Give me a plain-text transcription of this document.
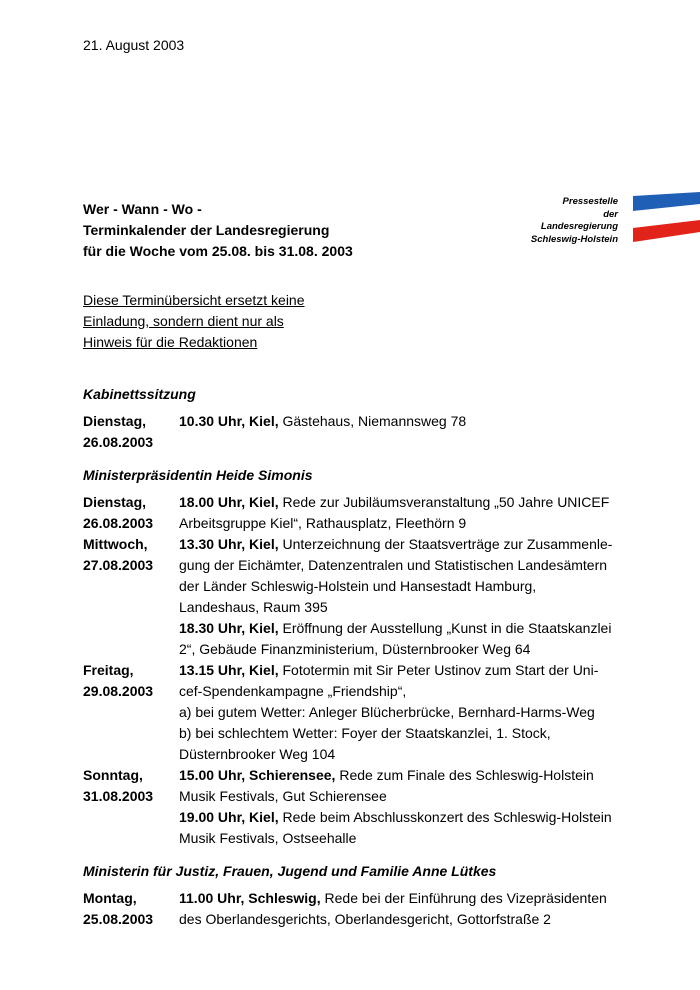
21. August 2003
Wer - Wann - Wo -
Terminkalender der Landesregierung
für die Woche vom 25.08. bis 31.08. 2003
Pressestelle
der
Landesregierung
Schleswig-Holstein
Diese Terminübersicht ersetzt keine
Einladung, sondern dient nur als
Hinweis für die Redaktionen
Kabinettssitzung
Dienstag,	10.30 Uhr, Kiel, Gästehaus, Niemannsweg 78
26.08.2003
Ministerpräsidentin Heide Simonis
Dienstag,	18.00 Uhr, Kiel, Rede zur Jubiläumsveranstaltung „50 Jahre UNICEF
26.08.2003	Arbeitsgruppe Kiel“, Rathausplatz, Fleethörn 9
Mittwoch,	13.30 Uhr, Kiel, Unterzeichnung der Staatsverträge zur Zusammenle-
27.08.2003	gung der Eichämter, Datenzentralen und Statistischen Landesämtern
der Länder Schleswig-Holstein und Hansestadt Hamburg,
Landeshaus, Raum 395
18.30 Uhr, Kiel, Eröffnung der Ausstellung „Kunst in die Staatskanzlei
2“, Gebäude Finanzministerium, Düsternbrooker Weg 64
Freitag,	13.15 Uhr, Kiel, Fototermin mit Sir Peter Ustinov zum Start der Uni-
29.08.2003	cef-Spendenkampagne „Friendship“,
a) bei gutem Wetter: Anleger Blücherbrücke, Bernhard-Harms-Weg
b) bei schlechtem Wetter: Foyer der Staatskanzlei, 1. Stock,
Düsternbrooker Weg 104
Sonntag,	15.00 Uhr, Schierensee, Rede zum Finale des Schleswig-Holstein
31.08.2003	Musik Festivals, Gut Schierensee
19.00 Uhr, Kiel, Rede beim Abschlusskonzert des Schleswig-Holstein
Musik Festivals, Ostseehalle
Ministerin für Justiz, Frauen, Jugend und Familie Anne Lütkes
Montag,	11.00 Uhr, Schleswig, Rede bei der Einführung des Vizepräsidenten
25.08.2003	des Oberlandesgerichts, Oberlandesgericht, Gottorfstraße 2
